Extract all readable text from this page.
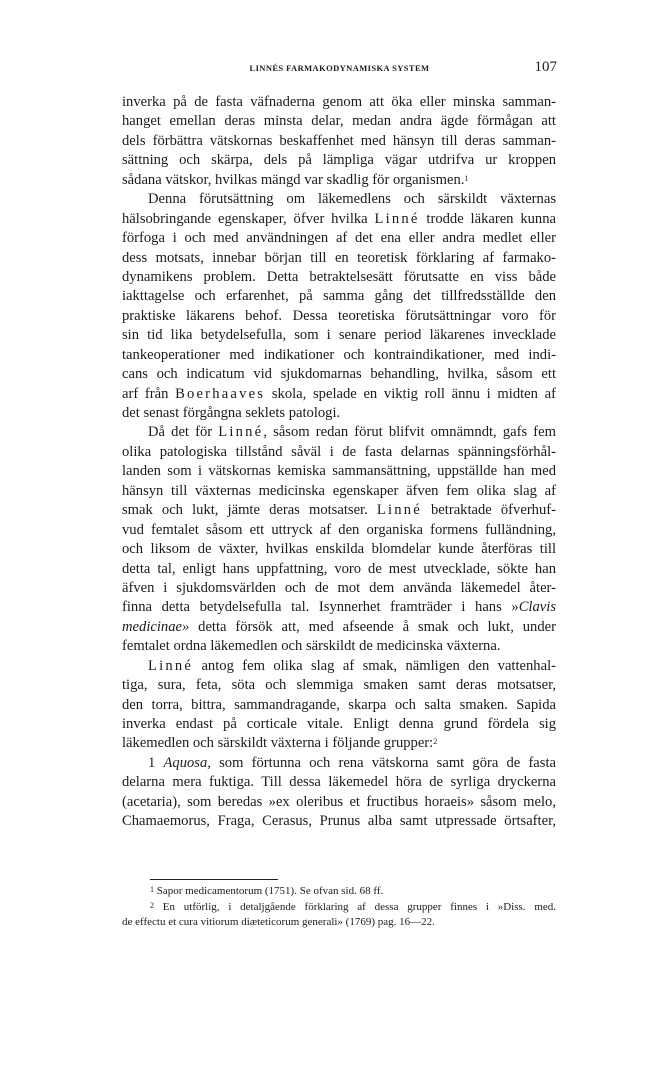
LINNÉS FARMAKODYNAMISKA SYSTEM	107
inverka på de fasta väfnaderna genom att öka eller minska samman-
hanget emellan deras minsta delar, medan andra ägde förmågan att
dels förbättra vätskornas beskaffenhet med hänsyn till deras samman-
sättning och skärpa, dels på lämpliga vägar utdrifva ur kroppen
sådana vätskor, hvilkas mängd var skadlig för organismen.$^1$
Denna förutsättning om läkemedlens och särskildt växternas
hälsobringande egenskaper, öfver hvilka Linné trodde läkaren kunna
förfoga i och med användningen af det ena eller andra medlet eller
dess motsats, innebar början till en teoretisk förklaring af farmako-
dynamikens problem. Detta betraktelsesätt förutsatte en viss både
iakttagelse och erfarenhet, på samma gång det tillfredsställde den
praktiske läkarens behof. Dessa teoretiska förutsättningar voro för
sin tid lika betydelsefulla, som i senare period läkarenes invecklade
tankeoperationer med indikationer och kontraindikationer, med indi-
cans och indicatum vid sjukdomarnas behandling, hvilka, såsom ett
arf från Boerhaaves skola, spelade en viktig roll ännu i midten af
det senast förgångna seklets patologi.
Då det för Linné, såsom redan förut blifvit omnämndt, gafs fem
olika patologiska tillstånd såväl i de fasta delarnas spänningsförhål-
landen som i vätskornas kemiska sammansättning, uppställde han med
hänsyn till växternas medicinska egenskaper äfven fem olika slag af
smak och lukt, jämte deras motsatser. Linné betraktade öfverhuf-
vud femtalet såsom ett uttryck af den organiska formens fulländning,
och liksom de växter, hvilkas enskilda blomdelar kunde återföras till
detta tal, enligt hans uppfattning, voro de mest utvecklade, sökte han
äfven i sjukdomsvärlden och de mot dem använda läkemedel åter-
finna detta betydelsefulla tal. Isynnerhet framträder i hans »Clavis
medicinae» detta försök att, med afseende å smak och lukt, under
femtalet ordna läkemedlen och särskildt de medicinska växterna.
Linné antog fem olika slag af smak, nämligen den vattenhal-
tiga, sura, feta, söta och slemmiga smaken samt deras motsatser,
den torra, bittra, sammandragande, skarpa och salta smaken. Sapida
inverka endast på corticale vitale. Enligt denna grund fördela sig
läkemedlen och särskildt växterna i följande grupper:$^2$
1 Aquosa, som förtunna och rena vätskorna samt göra de fasta
delarna mera fuktiga. Till dessa läkemedel höra de syrliga dryckerna
(acetaria), som beredas »ex oleribus et fructibus horaeis» såsom melo,
Chamaemorus, Fraga, Cerasus, Prunus alba samt utpressade örtsafter,
$^1$ Sapor medicamentorum (1751). Se ofvan sid. 68 ff.
$^2$ En utförlig, i detaljgående förklaring af dessa grupper finnes i »Diss. med.
de effectu et cura vitiorum diæteticorum generali» (1769) pag. 16—22.
